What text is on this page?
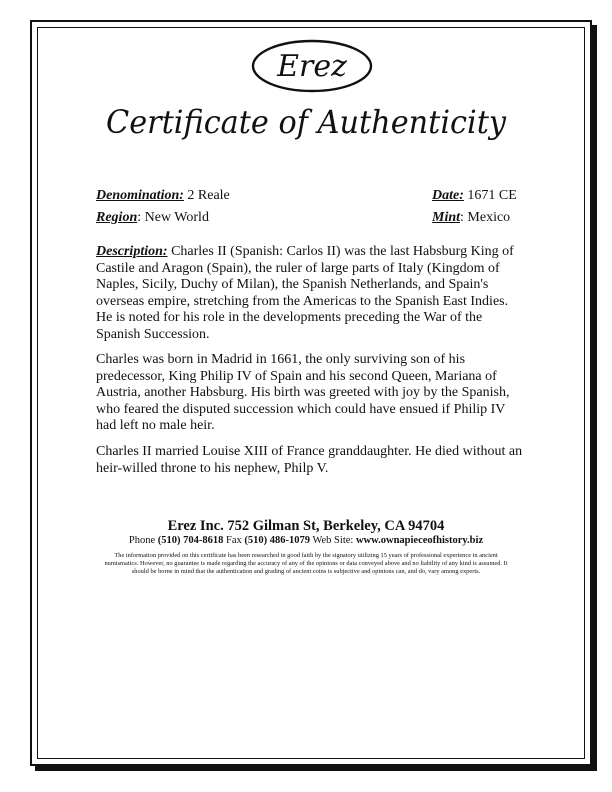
Erez
Certificate of Authenticity
Denomination: 2 Reale	Date: 1671 CE
Region: New World	Mint: Mexico

Description: Charles II (Spanish: Carlos II) was the last Habsburg King of Castile and Aragon (Spain), the ruler of large parts of Italy (Kingdom of Naples, Sicily, Duchy of Milan), the Spanish Netherlands, and Spain's overseas empire, stretching from the Americas to the Spanish East Indies. He is noted for his role in the developments preceding the War of the Spanish Succession.

Charles was born in Madrid in 1661, the only surviving son of his predecessor, King Philip IV of Spain and his second Queen, Mariana of Austria, another Habsburg. His birth was greeted with joy by the Spanish, who feared the disputed succession which could have ensued if Philip IV had left no male heir.

Charles II married Louise XIII of France granddaughter. He died without an heir-willed throne to his nephew, Philp V.

Erez Inc. 752 Gilman St, Berkeley, CA 94704
Phone (510) 704-8618 Fax (510) 486-1079 Web Site: www.ownapieceofhistory.biz
The information provided on this certificate has been researched in good faith by the signatory utilizing 15 years of professional experience in ancient numismatics. However, no guarantee is made regarding the accuracy of any of the opinions or data conveyed above and no liability of any kind is assumed. It should be borne in mind that the authentication and grading of ancient coins is subjective and opinions can, and do, vary among experts.
